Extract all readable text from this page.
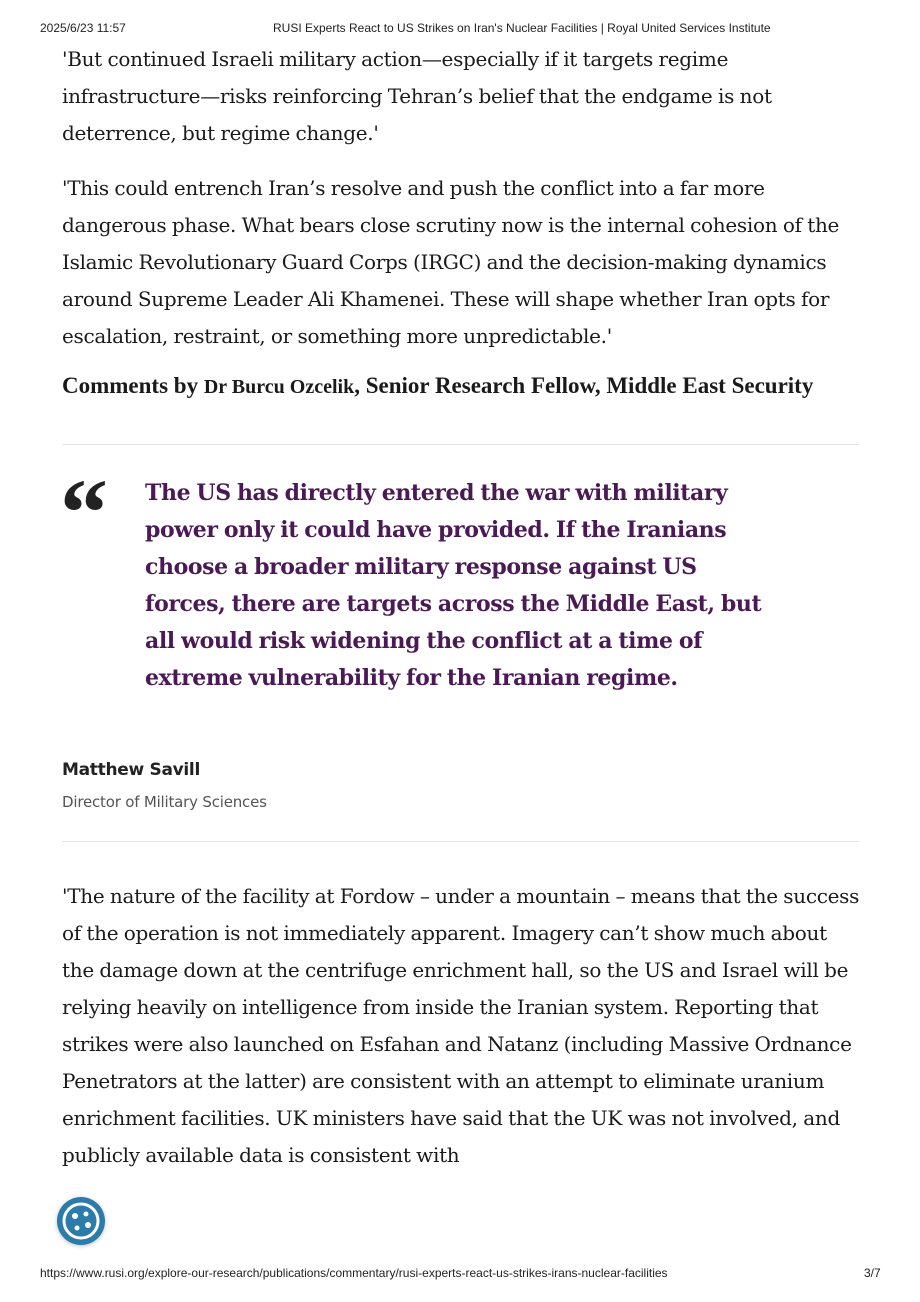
2025/6/23 11:57	RUSI Experts React to US Strikes on Iran's Nuclear Facilities | Royal United Services Institute

'But continued Israeli military action—especially if it targets regime infrastructure—risks reinforcing Tehran’s belief that the endgame is not deterrence, but regime change.'

'This could entrench Iran’s resolve and push the conflict into a far more dangerous phase. What bears close scrutiny now is the internal cohesion of the Islamic Revolutionary Guard Corps (IRGC) and the decision-making dynamics around Supreme Leader Ali Khamenei. These will shape whether Iran opts for escalation, restraint, or something more unpredictable.'

Comments by Dr Burcu Ozcelik, Senior Research Fellow, Middle East Security
“ The US has directly entered the war with military power only it could have provided. If the Iranians choose a broader military response against US forces, there are targets across the Middle East, but all would risk widening the conflict at a time of extreme vulnerability for the Iranian regime.
Matthew Savill
Director of Military Sciences

'The nature of the facility at Fordow – under a mountain – means that the success of the operation is not immediately apparent. Imagery can’t show much about the damage down at the centrifuge enrichment hall, so the US and Israel will be relying heavily on intelligence from inside the Iranian system. Reporting that strikes were also launched on Esfahan and Natanz (including Massive Ordnance Penetrators at the latter) are consistent with an attempt to eliminate uranium enrichment facilities. UK ministers have said that the UK was not involved, and publicly available data is consistent with

https://www.rusi.org/explore-our-research/publications/commentary/rusi-experts-react-us-strikes-irans-nuclear-facilities	3/7
